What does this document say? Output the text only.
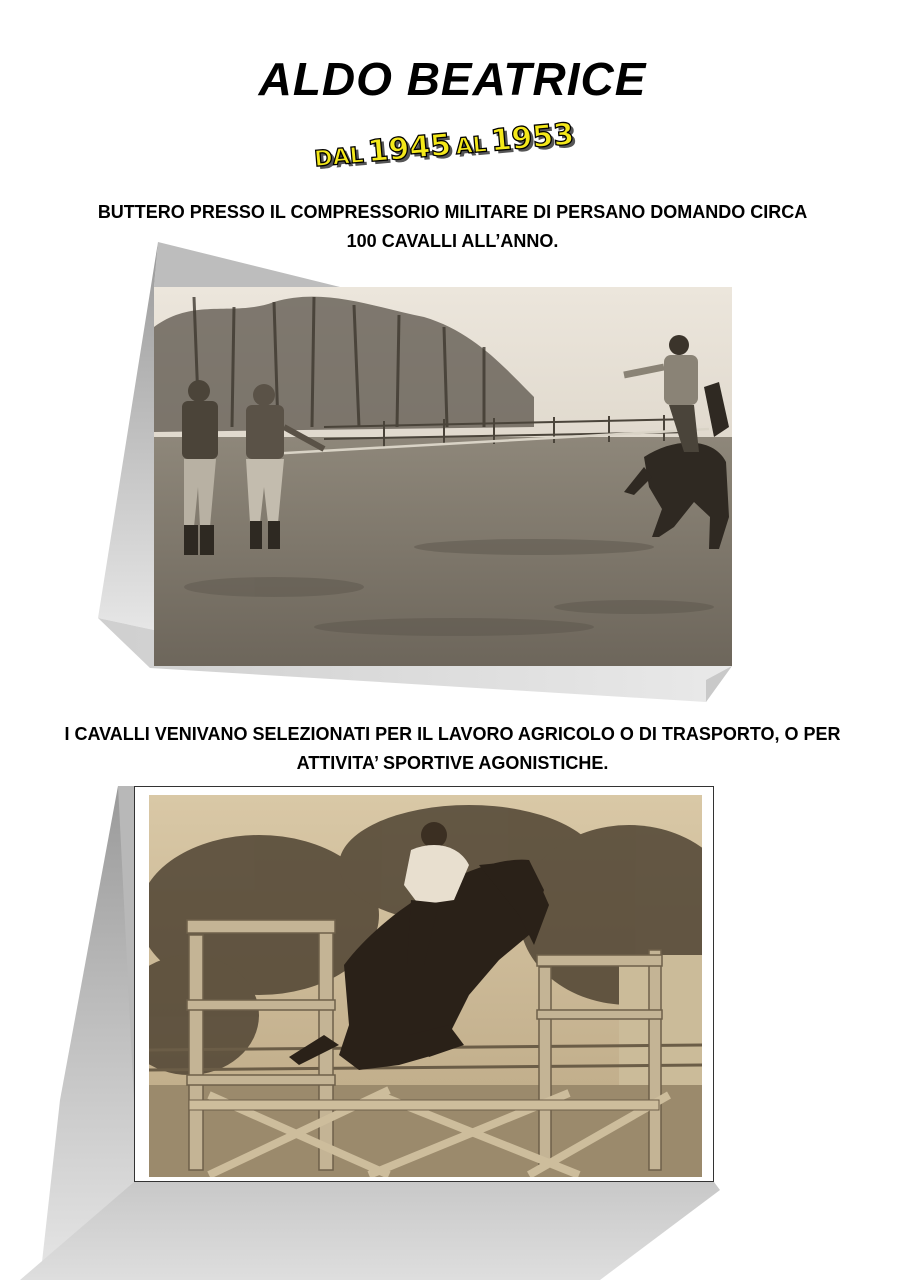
ALDO BEATRICE
DAL 1945 AL 1953

BUTTERO PRESSO IL COMPRESSORIO MILITARE DI PERSANO DOMANDO CIRCA
100 CAVALLI ALL’ANNO.

I CAVALLI VENIVANO SELEZIONATI PER IL LAVORO AGRICOLO O DI TRASPORTO, O PER
ATTIVITA’ SPORTIVE AGONISTICHE.
